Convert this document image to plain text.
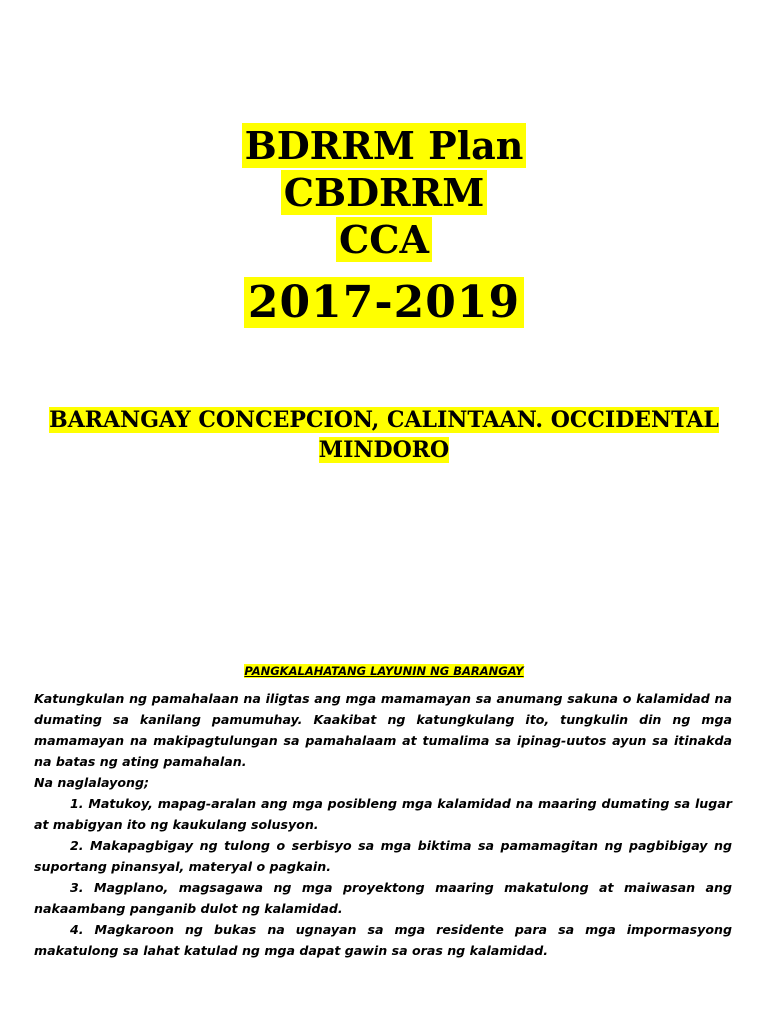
BDRRM Plan
CBDRRM
CCA
2017-2019
BARANGAY CONCEPCION, CALINTAAN. OCCIDENTAL MINDORO
PANGKALAHATANG LAYUNIN NG BARANGAY

Katungkulan ng pamahalaan na iligtas ang mga mamamayan sa anumang sakuna o kalamidad na dumating sa kanilang pamumuhay. Kaakibat ng katungkulang ito, tungkulin din ng mga mamamayan na makipagtulungan sa pamahalaam at tumalima sa ipinag-uutos ayun sa itinakda na batas ng ating pamahalan.

Na naglalayong;

1. Matukoy, mapag-aralan ang mga posibleng mga kalamidad na maaring dumating sa lugar at mabigyan ito ng kaukulang solusyon.

2. Makapagbigay ng tulong o serbisyo sa mga biktima sa pamamagitan ng pagbibigay ng suportang pinansyal, materyal o pagkain.

3. Magplano, magsagawa ng mga proyektong maaring makatulong at maiwasan ang nakaambang panganib dulot ng kalamidad.

4. Magkaroon ng bukas na ugnayan sa mga residente para sa mga impormasyong makatulong sa lahat katulad ng mga dapat gawin sa oras ng kalamidad.
